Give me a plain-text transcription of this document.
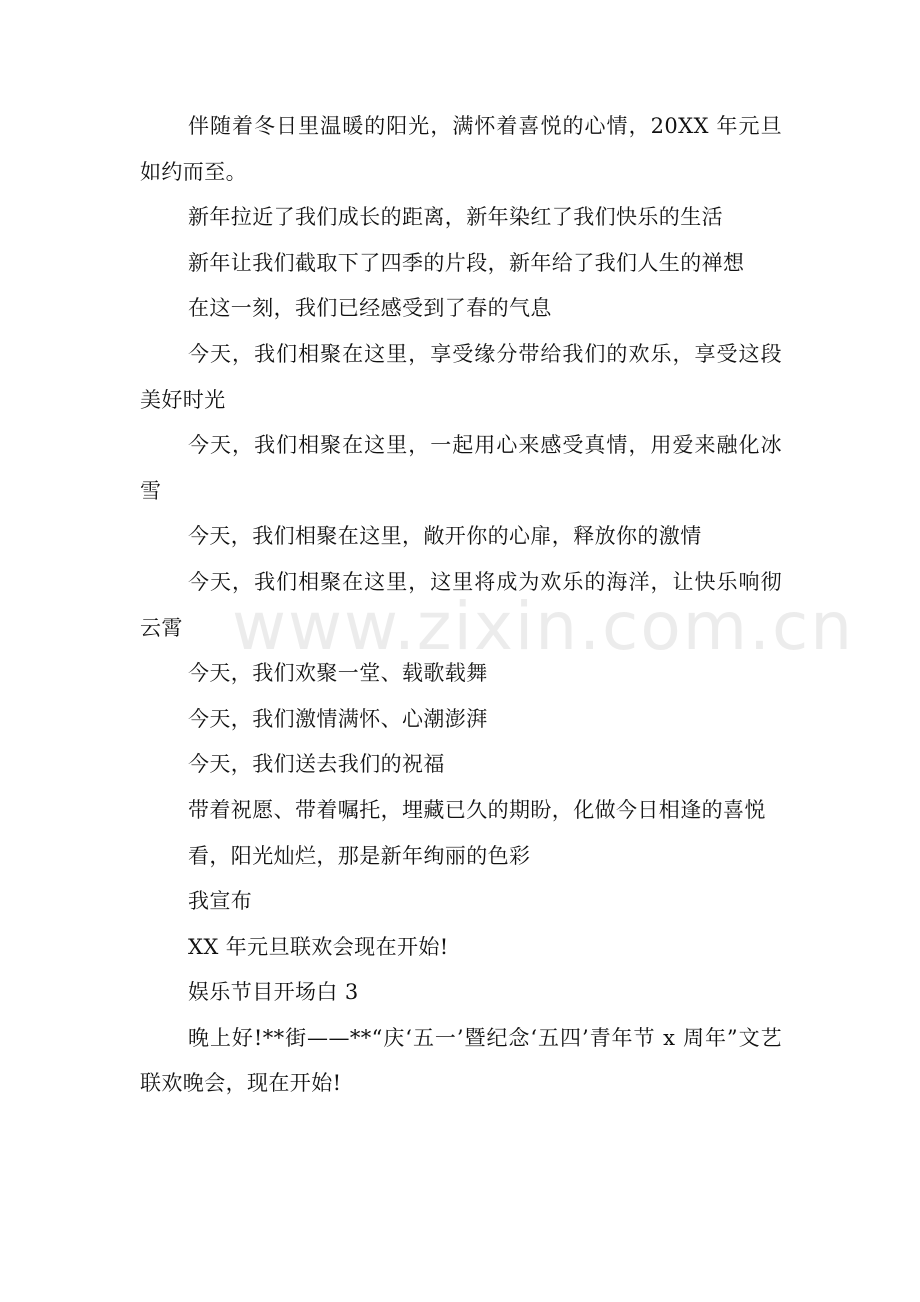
伴随着冬日里温暖的阳光，满怀着喜悦的心情，20XX 年元旦如约而至。

新年拉近了我们成长的距离，新年染红了我们快乐的生活

新年让我们截取下了四季的片段，新年给了我们人生的禅想

在这一刻，我们已经感受到了春的气息

今天，我们相聚在这里，享受缘分带给我们的欢乐，享受这段美好时光

今天，我们相聚在这里，一起用心来感受真情，用爱来融化冰雪

今天，我们相聚在这里，敞开你的心扉，释放你的激情

今天，我们相聚在这里，这里将成为欢乐的海洋，让快乐响彻云霄

今天，我们欢聚一堂、载歌载舞

今天，我们激情满怀、心潮澎湃

今天，我们送去我们的祝福

带着祝愿、带着嘱托，埋藏已久的期盼，化做今日相逢的喜悦

看，阳光灿烂，那是新年绚丽的色彩

我宣布

XX 年元旦联欢会现在开始!

娱乐节目开场白 3

晚上好!**街——**“庆‘五一’暨纪念‘五四’青年节 x 周年”文艺联欢晚会，现在开始!

www.zixin.com.cn
